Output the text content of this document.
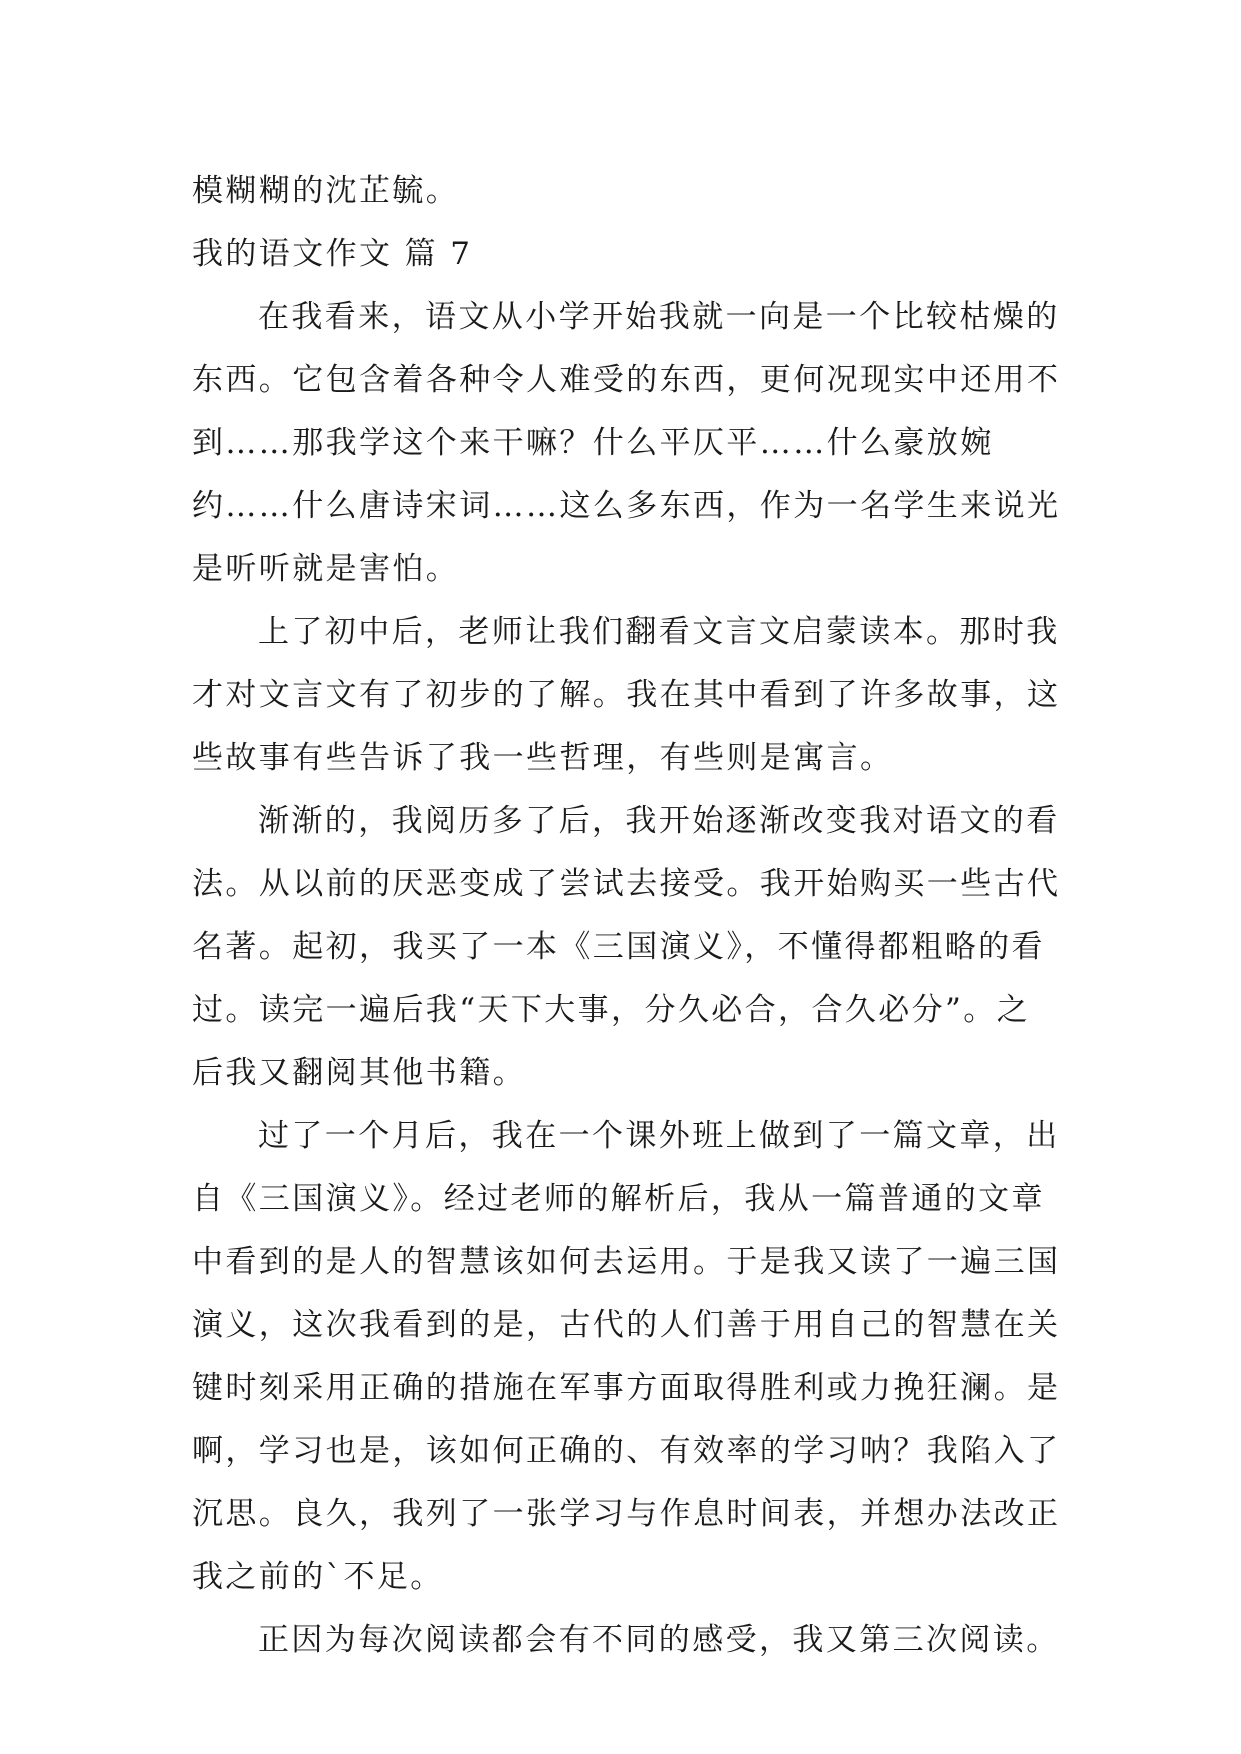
模糊糊的沈芷毓。
我的语文作文 篇 7
在我看来，语文从小学开始我就一向是一个比较枯燥的
东西。它包含着各种令人难受的东西，更何况现实中还用不
到……那我学这个来干嘛？什么平仄平……什么豪放婉
约……什么唐诗宋词……这么多东西，作为一名学生来说光
是听听就是害怕。
上了初中后，老师让我们翻看文言文启蒙读本。那时我
才对文言文有了初步的了解。我在其中看到了许多故事，这
些故事有些告诉了我一些哲理，有些则是寓言。
渐渐的，我阅历多了后，我开始逐渐改变我对语文的看
法。从以前的厌恶变成了尝试去接受。我开始购买一些古代
名著。起初，我买了一本《三国演义》，不懂得都粗略的看
过。读完一遍后我“天下大事，分久必合，合久必分”。之
后我又翻阅其他书籍。
过了一个月后，我在一个课外班上做到了一篇文章，出
自《三国演义》。经过老师的解析后，我从一篇普通的文章
中看到的是人的智慧该如何去运用。于是我又读了一遍三国
演义，这次我看到的是，古代的人们善于用自己的智慧在关
键时刻采用正确的措施在军事方面取得胜利或力挽狂澜。是
啊，学习也是，该如何正确的、有效率的学习呐？我陷入了
沉思。良久，我列了一张学习与作息时间表，并想办法改正
我之前的`不足。
正因为每次阅读都会有不同的感受，我又第三次阅读。
